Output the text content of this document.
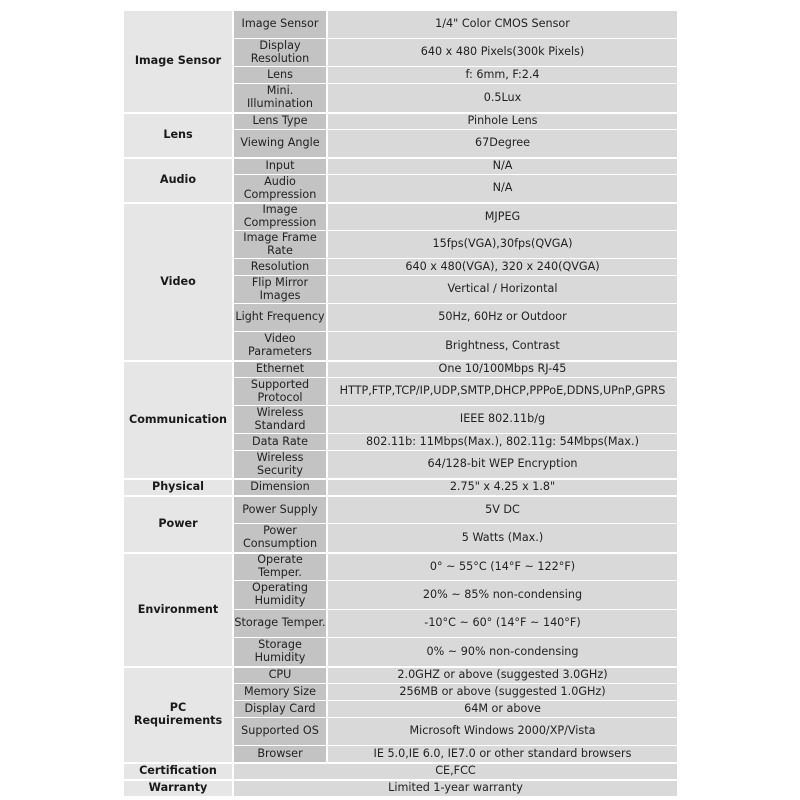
Image Sensor	Image Sensor	1/4" Color CMOS Sensor
	Display Resolution	640 x 480 Pixels(300k Pixels)
	Lens	f: 6mm, F:2.4
	Mini. Illumination	0.5Lux
Lens	Lens Type	Pinhole Lens
	Viewing Angle	67Degree
Audio	Input	N/A
	Audio Compression	N/A
Video	Image Compression	MJPEG
	Image Frame Rate	15fps(VGA),30fps(QVGA)
	Resolution	640 x 480(VGA), 320 x 240(QVGA)
	Flip Mirror Images	Vertical / Horizontal
	Light Frequency	50Hz, 60Hz or Outdoor
	Video Parameters	Brightness, Contrast
Communication	Ethernet	One 10/100Mbps RJ-45
	Supported Protocol	HTTP,FTP,TCP/IP,UDP,SMTP,DHCP,PPPoE,DDNS,UPnP,GPRS
	Wireless Standard	IEEE 802.11b/g
	Data Rate	802.11b: 11Mbps(Max.), 802.11g: 54Mbps(Max.)
	Wireless Security	64/128-bit WEP Encryption
Physical	Dimension	2.75" x 4.25 x 1.8"
Power	Power Supply	5V DC
	Power Consumption	5 Watts (Max.)
Environment	Operate Temper.	0° ~ 55°C (14°F ~ 122°F)
	Operating Humidity	20% ~ 85% non-condensing
	Storage Temper.	-10°C ~ 60° (14°F ~ 140°F)
	Storage Humidity	0% ~ 90% non-condensing
PC Requirements	CPU	2.0GHZ or above (suggested 3.0GHz)
	Memory Size	256MB or above (suggested 1.0GHz)
	Display Card	64M or above
	Supported OS	Microsoft Windows 2000/XP/Vista
	Browser	IE 5.0,IE 6.0, IE7.0 or other standard browsers
Certification	CE,FCC	
Warranty	Limited 1-year warranty	
